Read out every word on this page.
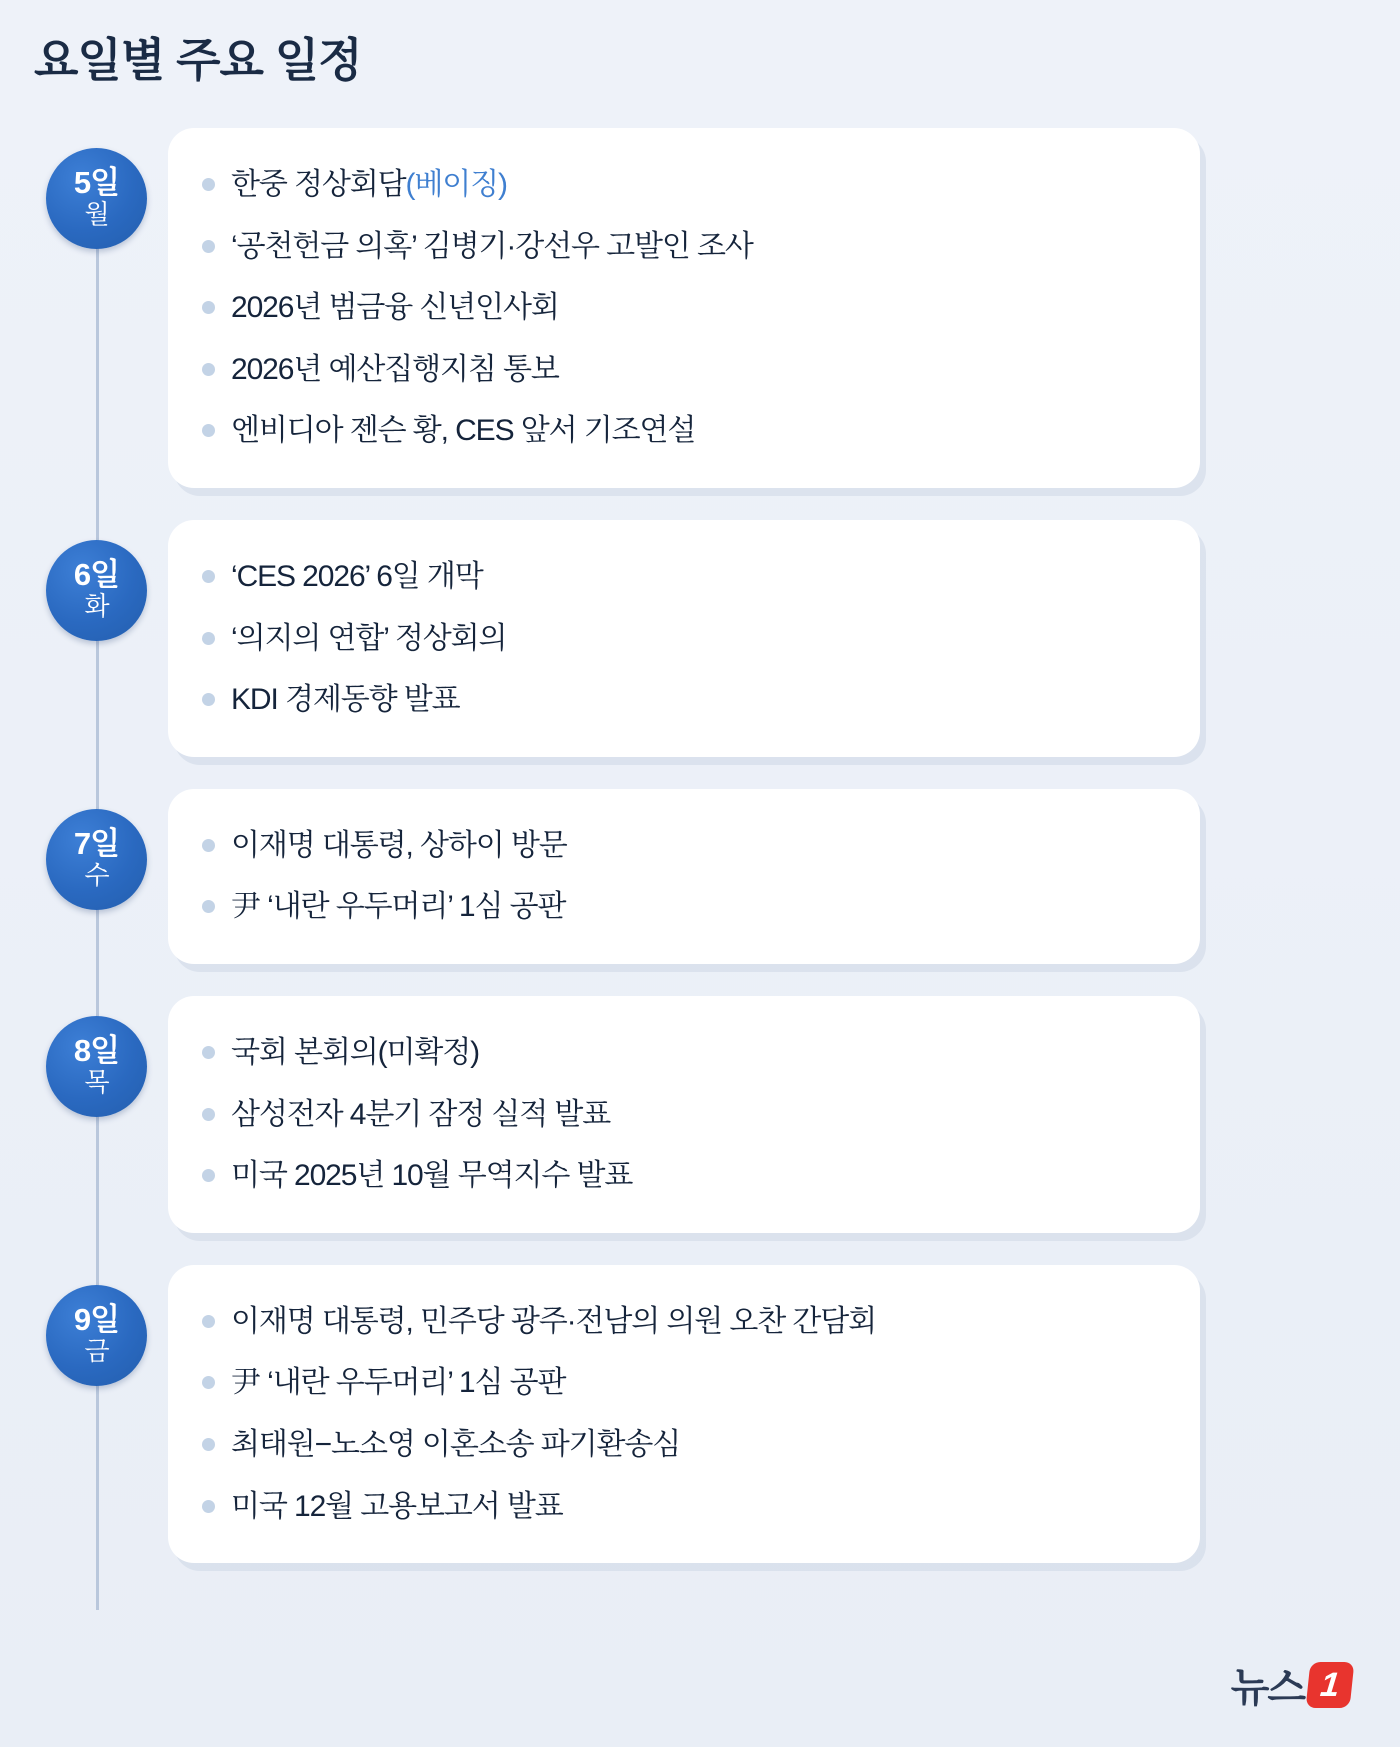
요일별 주요 일정
5일
월
한중 정상회담(베이징)
‘공천헌금 의혹’ 김병기·강선우 고발인 조사
2026년 범금융 신년인사회
2026년 예산집행지침 통보
엔비디아 젠슨 황, CES 앞서 기조연설
6일
화
‘CES 2026’ 6일 개막
‘의지의 연합’ 정상회의
KDI 경제동향 발표
7일
수
이재명 대통령, 상하이 방문
尹 ‘내란 우두머리’ 1심 공판
8일
목
국회 본회의(미확정)
삼성전자 4분기 잠정 실적 발표
미국 2025년 10월 무역지수 발표
9일
금
이재명 대통령, 민주당 광주·전남의 의원 오찬 간담회
尹 ‘내란 우두머리’ 1심 공판
최태원−노소영 이혼소송 파기환송심
미국 12월 고용보고서 발표
뉴스 1
